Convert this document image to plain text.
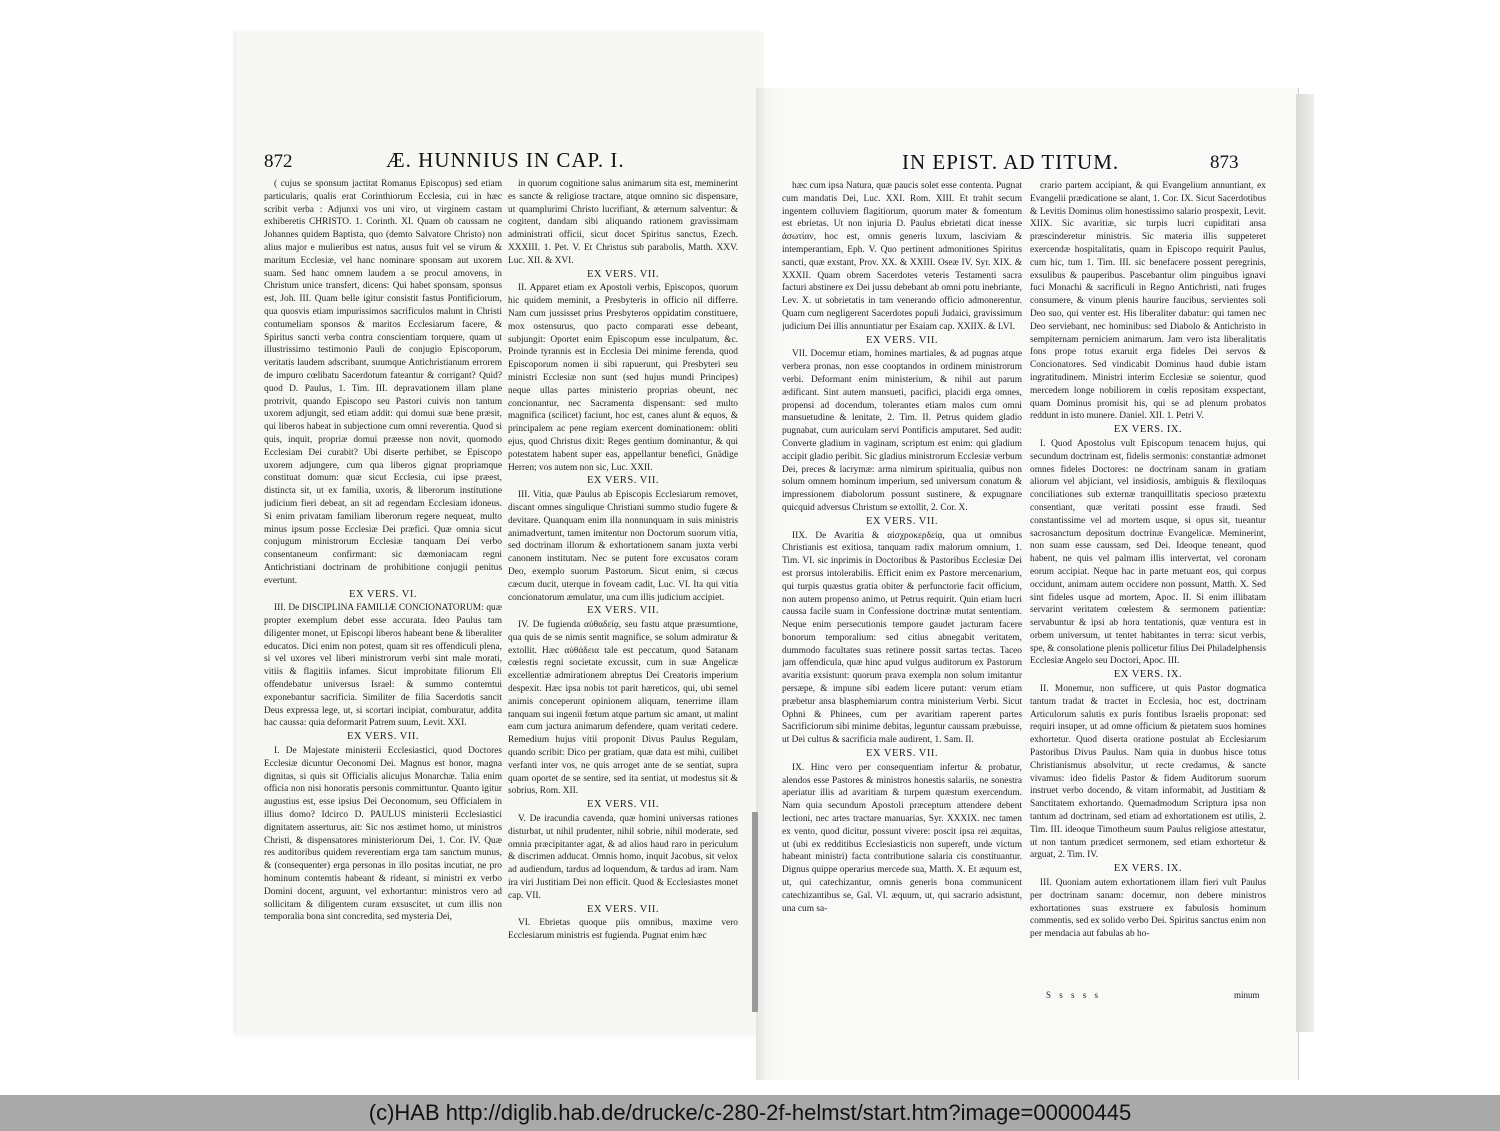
872	Æ. HUNNIUS IN CAP. I.

( cujus se sponsum jactitat Romanus Episcopus) sed etiam particularis, qualis erat Corinthiorum Ecclesia, cui in hæc scribit verba : Adjunxi vos uni viro, ut virginem castam exhiberetis CHRISTO. 1. Corinth. XI. Quam ob caussam ne Johannes quidem Baptista, quo (demto Salvatore Christo) non alius major e mulieribus est natus, ausus fuit vel se virum & maritum Ecclesiæ, vel hanc nominare sponsam aut uxorem suam. Sed hanc omnem laudem a se procul amovens, in Christum unice transfert, dicens: Qui habet sponsam, sponsus est, Joh. III. Quam belle igitur consistit fastus Pontificiorum, qua quosvis etiam impurissimos sacrificulos malunt in Christi contumeliam sponsos & maritos Ecclesiarum facere, & Spiritus sancti verba contra conscientiam torquere, quam ut illustrissimo testimonio Pauli de conjugio Episcoporum, veritatis laudem adscribant, suumque Antichristianum errorem de impuro cœlibatu Sacerdotum fateantur & corrigant? Quid? quod D. Paulus, 1. Tim. III. depravationem illam plane protrivit, quando Episcopo seu Pastori cuivis non tantum uxorem adjungit, sed etiam addit: qui domui suæ bene præsit, qui liberos habeat in subjectione cum omni reverentia. Quod si quis, inquit, propriæ domui præesse non novit, quomodo Ecclesiam Dei curabit? Ubi diserte perhibet, se Episcopo uxorem adjungere, cum qua liberos gignat propriamque constituat domum: quæ sicut Ecclesia, cui ipse præest, distincta sit, ut ex familia, uxoris, & liberorum institutione judicium fieri debeat, an sit ad regendam Ecclesiam idoneus. Si enim privatam familiam liberorum regere nequeat, multo minus ipsum posse Ecclesiæ Dei præfici. Quæ omnia sicut conjugum ministrorum Ecclesiæ tanquam Dei verbo consentaneum confirmant: sic dæmoniacam regni Antichristiani doctrinam de prohibitione conjugii penitus evertunt.

EX VERS. VI.

III. De DISCIPLINA FAMILIÆ CONCIONATORUM: quæ propter exemplum debet esse accurata. Ideo Paulus tam diligenter monet, ut Episcopi liberos habeant bene & liberaliter educatos. Dici enim non potest, quam sit res offendiculi plena, si vel uxores vel liberi ministrorum verbi sint male morati, vitiis & flagitiis infames. Sicut improbitate filiorum Eli offendebatur universus Israel: & summo contemtui exponebantur sacrificia. Similiter de filia Sacerdotis sancit Deus expressa lege, ut, si scortari incipiat, comburatur, addita hac caussa: quia deformarit Patrem suum, Levit. XXI.

EX VERS. VII.

I. De Majestate ministerii Ecclesiastici, quod Doctores Ecclesiæ dicuntur Oeconomi Dei. Magnus est honor, magna dignitas, si quis sit Officialis alicujus Monarchæ. Talia enim officia non nisi honoratis personis committuntur. Quanto igitur augustius est, esse ipsius Dei Oeconomum, seu Officialem in illius domo? Idcirco D. PAULUS ministerii Ecclesiastici dignitatem asserturus, ait: Sic nos æstimet homo, ut ministros Christi, & dispensatores ministeriorum Dei, 1. Cor. IV. Quæ res auditoribus quidem reverentiam erga tam sanctum munus, & (consequenter) erga personas in illo positas incutiat, ne pro hominum contemtis habeant & rideant, si ministri ex verbo Domini docent, arguunt, vel exhortantur: ministros vero ad sollicitam & diligentem curam exsuscitet, ut cum illis non temporalia bona sint concredita, sed mysteria Dei,

in quorum cognitione salus animarum sita est, meminerint es sancte & religiose tractare, atque omnino sic dispensare, ut quamplurimi Christo lucrifiant, & æternum salventur: & cogitent, dandam sibi aliquando rationem gravissimam administrati officii, sicut docet Spiritus sanctus, Ezech. XXXIII. 1. Pet. V. Et Christus sub parabolis, Matth. XXV. Luc. XII. & XVI.

EX VERS. VII.

II. Apparet etiam ex Apostoli verbis, Episcopos, quorum hic quidem meminit, a Presbyteris in officio nil differre. Nam cum jussisset prius Presbyteros oppidatim constituere, mox ostensurus, quo pacto comparati esse debeant, subjungit: Oportet enim Episcopum esse inculpatum, &c. Proinde tyrannis est in Ecclesia Dei minime ferenda, quod Episcoporum nomen ii sibi rapuerunt, qui Presbyteri seu ministri Ecclesiæ non sunt (sed hujus mundi Principes) neque ullas partes ministerio proprias obeunt, nec concionantur, nec Sacramenta dispensant: sed multo magnifica (scilicet) faciunt, hoc est, canes alunt & equos, & principalem ac pene regiam exercent dominationem: obliti ejus, quod Christus dixit: Reges gentium dominantur, & qui potestatem habent super eas, appellantur benefici, Gnädige Herren; vos autem non sic, Luc. XXII.

EX VERS. VII.

III. Vitia, quæ Paulus ab Episcopis Ecclesiarum removet, discant omnes singulique Christiani summo studio fugere & devitare. Quanquam enim illa nonnunquam in suis ministris animadvertunt, tamen imitentur non Doctorum suorum vitia, sed doctrinam illorum & exhortationem sanam juxta verbi canonem institutam. Nec se putent fore excusatos coram Deo, exemplo suorum Pastorum. Sicut enim, si cæcus cæcum ducit, uterque in foveam cadit, Luc. VI. Ita qui vitia concionatorum æmulatur, una cum illis judicium accipiet.

EX VERS. VII.

IV. De fugienda αὐθαδείᾳ, seu fastu atque præsumtione, qua quis de se nimis sentit magnifice, se solum admiratur & extollit. Hæc αὐθάδεια tale est peccatum, quod Satanam cœlestis regni societate excussit, cum in suæ Angelicæ excellentiæ admirationem abreptus Dei Creatoris imperium despexit. Hæc ipsa nobis tot parit hæreticos, qui, ubi semel animis conceperunt opinionem aliquam, tenerrime illam tanquam sui ingenii fœtum atque partum sic amant, ut malint eam cum jactura animarum defendere, quam veritati cedere. Remedium hujus vitii proponit Divus Paulus Regulam, quando scribit: Dico per gratiam, quæ data est mihi, cuilibet verfanti inter vos, ne quis arroget ante de se sentiat, supra quam oportet de se sentire, sed ita sentiat, ut modestus sit & sobrius, Rom. XII.

EX VERS. VII.

V. De iracundia cavenda, quæ homini universas rationes disturbat, ut nihil prudenter, nihil sobrie, nihil moderate, sed omnia præcipitanter agat, & ad alios haud raro in periculum & discrimen adducat. Omnis homo, inquit Jacobus, sit velox ad audiendum, tardus ad loquendum, & tardus ad iram. Nam ira viri Justitiam Dei non efficit. Quod & Ecclesiastes monet cap. VII.

EX VERS. VII.

VI. Ebrietas quoque piis omnibus, maxime vero Ecclesiarum ministris est fugienda. Pugnat enim hæc

IN EPIST. AD TITUM.	873

hæc cum ipsa Natura, quæ paucis solet esse contenta. Pugnat cum mandatis Dei, Luc. XXI. Rom. XIII. Et trahit secum ingentem colluviem flagitiorum, quorum mater & fomentum est ebrietas. Ut non injuria D. Paulus ebrietati dicat inesse ἀσωτίαν, hoc est, omnis generis luxum, lasciviam & intemperantiam, Eph. V. Quo pertinent admonitiones Spiritus sancti, quæ exstant, Prov. XX. & XXIII. Oseæ IV. Syr. XIX. & XXXII. Quam obrem Sacerdotes veteris Testamenti sacra facturi abstinere ex Dei jussu debebant ab omni potu inebriante, Lev. X. ut sobrietatis in tam venerando officio admonerentur. Quam cum negligerent Sacerdotes populi Judaici, gravissimum judicium Dei illis annuntiatur per Esaiam cap. XXIIX. & LVI.

EX VERS. VII.

VII. Docemur etiam, homines martiales, & ad pugnas atque verbera pronas, non esse cooptandos in ordinem ministrorum verbi. Deformant enim ministerium, & nihil aut parum ædificant. Sint autem mansueti, pacifici, placidi erga omnes, propensi ad docendum, tolerantes etiam malos cum omni mansuetudine & lenitate, 2. Tim. II. Petrus quidem gladio pugnabat, cum auriculam servi Pontificis amputaret. Sed audit: Converte gladium in vaginam, scriptum est enim: qui gladium accipit gladio peribit. Sic gladius ministrorum Ecclesiæ verbum Dei, preces & lacrymæ: arma nimirum spiritualia, quibus non solum omnem hominum imperium, sed universum conatum & impressionem diabolorum possunt sustinere, & expugnare quicquid adversus Christum se extollit, 2. Cor. X.

EX VERS. VII.

IIX. De Avaritia & αἰσχροκερδείᾳ, qua ut omnibus Christianis est exitiosa, tanquam radix malorum omnium, 1. Tim. VI. sic inprimis in Doctoribus & Pastoribus Ecclesiæ Dei est prorsus intolerabilis. Efficit enim ex Pastore mercenarium, qui turpis quæstus gratia obiter & perfunctorie facit officium, non autem propenso animo, ut Petrus requirit. Quin etiam lucri caussa facile suam in Confessione doctrinæ mutat sententiam. Neque enim persecutionis tempore gaudet jacturam facere bonorum temporalium: sed citius abnegabit veritatem, dummodo facultates suas retinere possit sartas tectas. Taceo jam offendicula, quæ hinc apud vulgus auditorum ex Pastorum avaritia exsistunt: quorum prava exempla non solum imitantur persæpe, & impune sibi eadem licere putant: verum etiam præbetur ansa blasphemiarum contra ministerium Verbi. Sicut Ophni & Phinees, cum per avaritiam raperent partes Sacrificiorum sibi minime debitas, leguntur caussam præbuisse, ut Dei cultus & sacrificia male audirent, 1. Sam. II.

EX VERS. VII.

IX. Hinc vero per consequentiam infertur & probatur, alendos esse Pastores & ministros honestis salariis, ne sonestra aperiatur illis ad avaritiam & turpem quæstum exercendum. Nam quia secundum Apostoli præceptum attendere debent lectioni, nec artes tractare manuarias, Syr. XXXIX. nec tamen ex vento, quod dicitur, possunt vivere: poscit ipsa rei æquitas, ut (ubi ex redditibus Ecclesiasticis non supereft, unde victum habeant ministri) facta contributione salaria cis constituantur. Dignus quippe operarius mercede sua, Matth. X. Et æquum est, ut, qui catechizantur, omnis generis bona communicent catechizantibus se, Gal. VI. æquum, ut, qui sacrario adsistunt, una cum sa-

crario partem accipiant, & qui Evangelium annuntiant, ex Evangelii prædicatione se alant, 1. Cor. IX. Sicut Sacerdotibus & Levitis Dominus olim honestissimo salario prospexit, Levit. XIIX. Sic avaritiæ, sic turpis lucri cupiditati ansa præscinderetur ministris. Sic materia illis suppeteret exercendæ hospitalitatis, quam in Episcopo requirit Paulus, cum hic, tum 1. Tim. III. sic benefacere possent peregrinis, exsulibus & pauperibus. Pascebantur olim pinguibus ignavi fuci Monachi & sacrificuli in Regno Antichristi, nati fruges consumere, & vinum plenis haurire faucibus, servientes soli Deo suo, qui venter est. His liberaliter dabatur: qui tamen nec Deo serviebant, nec hominibus: sed Diabolo & Antichristo in sempiternam perniciem animarum. Jam vero ista liberalitatis fons prope totus exaruit erga fideles Dei servos & Concionatores. Sed vindicabit Dominus haud dubie istam ingratitudinem. Ministri interim Ecclesiæ se soientur, quod mercedem longe nobiliorem in cœlis repositam exspectant, quam Dominus promisit his, qui se ad plenum probatos reddunt in isto munere. Daniel. XII. 1. Petri V.

EX VERS. IX.

I. Quod Apostolus vult Episcopum tenacem hujus, qui secundum doctrinam est, fidelis sermonis: constantiæ admonet omnes fideles Doctores: ne doctrinam sanam in gratiam aliorum vel abjiciant, vel insidiosis, ambiguis & flexiloquas conciliationes sub externæ tranquillitatis specioso prætextu consentiant, quæ veritati possint esse fraudi. Sed constantissime vel ad mortem usque, si opus sit, tueantur sacrosanctum depositum doctrinæ Evangelicæ. Meminerint, non suam esse caussam, sed Dei. Ideoque teneant, quod habent, ne quis vel palmam illis intervertat, vel coronam eorum accipiat. Neque hac in parte metuant eos, qui corpus occidunt, animam autem occidere non possunt, Matth. X. Sed sint fideles usque ad mortem, Apoc. II. Si enim illibatam servarint veritatem cœlestem & sermonem patientiæ: servabuntur & ipsi ab hora tentationis, quæ ventura est in orbem universum, ut tentet habitantes in terra: sicut verbis, spe, & consolatione plenis pollicetur filius Dei Philadelphensis Ecclesiæ Angelo seu Doctori, Apoc. III.

EX VERS. IX.

II. Monemur, non sufficere, ut quis Pastor dogmatica tantum tradat & tractet in Ecclesia, hoc est, doctrinam Articulorum salutis ex puris fontibus Israelis proponat: sed requiri insuper, ut ad omne officium & pietatem suos homines exhortetur. Quod diserta oratione postulat ab Ecclesiarum Pastoribus Divus Paulus. Nam quia in duobus hisce totus Christianismus absolvitur, ut recte credamus, & sancte vivamus: ideo fidelis Pastor & fidem Auditorum suorum instruet verbo docendo, & vitam informabit, ad Justitiam & Sanctitatem exhortando. Quemadmodum Scriptura ipsa non tantum ad doctrinam, sed etiam ad exhortationem est utilis, 2. Tim. III. ideoque Timotheum suum Paulus religiose attestatur, ut non tantum prædicet sermonem, sed etiam exhortetur & arguat, 2. Tim. IV.

EX VERS. IX.

III. Quoniam autem exhortationem illam fieri vult Paulus per doctrinam sanam: docemur, non debere ministros exhortationes suas exstruere ex fabulosis hominum commentis, sed ex solido verbo Dei. Spiritus sanctus enim non per mendacia aut fabulas ab ho-

S s s s s	minum
(c)HAB http://diglib.hab.de/drucke/c-280-2f-helmst/start.htm?image=00000445
